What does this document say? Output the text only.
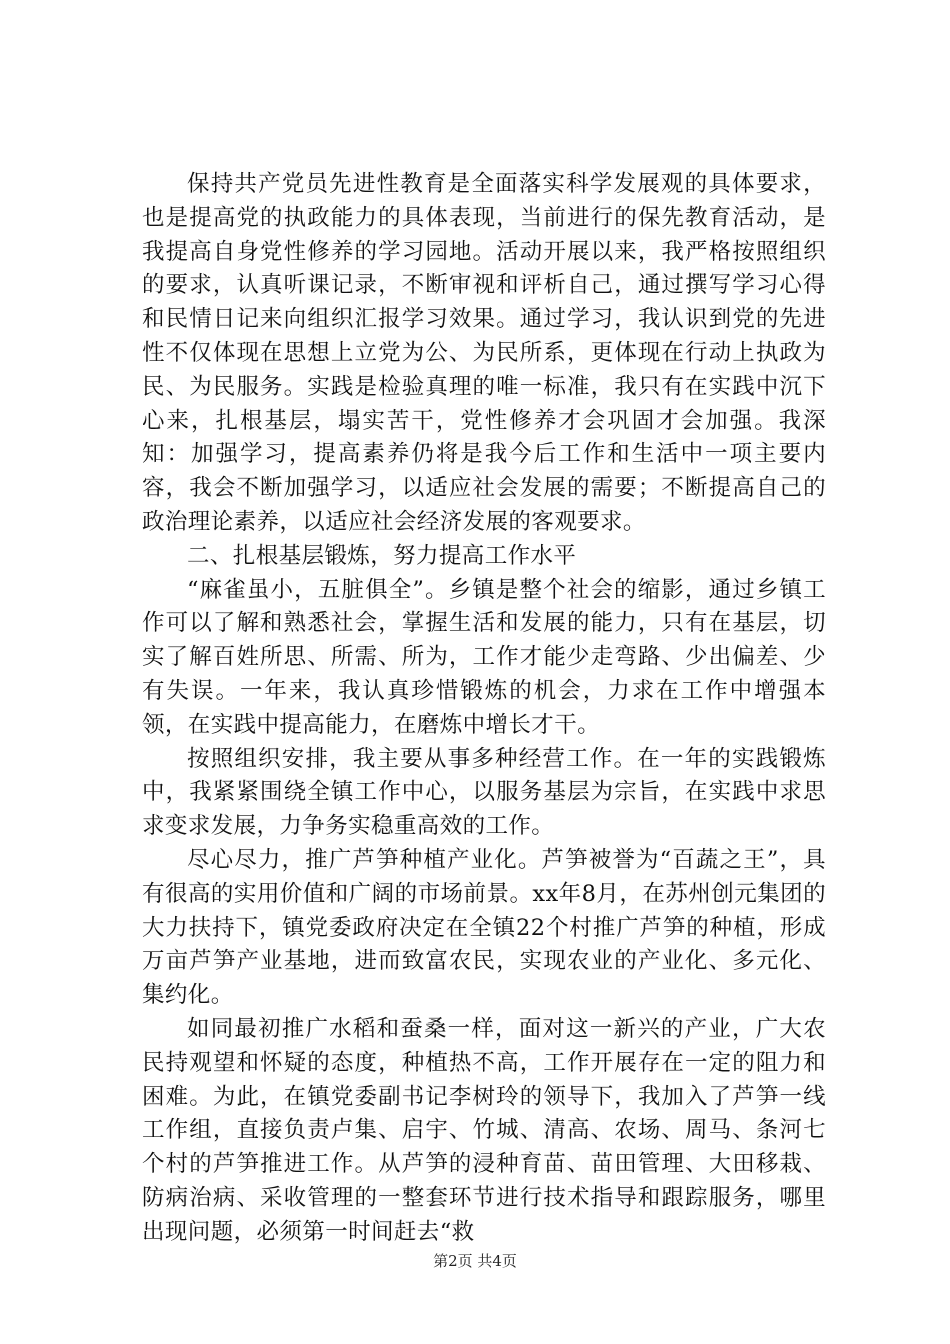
保持共产党员先进性教育是全面落实科学发展观的具体要求，也是提高党的执政能力的具体表现，当前进行的保先教育活动，是我提高自身党性修养的学习园地。活动开展以来，我严格按照组织的要求，认真听课记录，不断审视和评析自己，通过撰写学习心得和民情日记来向组织汇报学习效果。通过学习，我认识到党的先进性不仅体现在思想上立党为公、为民所系，更体现在行动上执政为民、为民服务。实践是检验真理的唯一标准，我只有在实践中沉下心来，扎根基层，塌实苦干，党性修养才会巩固才会加强。我深知：加强学习，提高素养仍将是我今后工作和生活中一项主要内容，我会不断加强学习，以适应社会发展的需要；不断提高自己的政治理论素养，以适应社会经济发展的客观要求。

二、扎根基层锻炼，努力提高工作水平

“麻雀虽小，五脏俱全”。乡镇是整个社会的缩影，通过乡镇工作可以了解和熟悉社会，掌握生活和发展的能力，只有在基层，切实了解百姓所思、所需、所为，工作才能少走弯路、少出偏差、少有失误。一年来，我认真珍惜锻炼的机会，力求在工作中增强本领，在实践中提高能力，在磨炼中增长才干。

按照组织安排，我主要从事多种经营工作。在一年的实践锻炼中，我紧紧围绕全镇工作中心，以服务基层为宗旨，在实践中求思求变求发展，力争务实稳重高效的工作。

尽心尽力，推广芦笋种植产业化。芦笋被誉为“百蔬之王”，具有很高的实用价值和广阔的市场前景。xx年8月，在苏州创元集团的大力扶持下，镇党委政府决定在全镇22个村推广芦笋的种植，形成万亩芦笋产业基地，进而致富农民，实现农业的产业化、多元化、集约化。

如同最初推广水稻和蚕桑一样，面对这一新兴的产业，广大农民持观望和怀疑的态度，种植热不高，工作开展存在一定的阻力和困难。为此，在镇党委副书记李树玲的领导下，我加入了芦笋一线工作组，直接负责卢集、启宇、竹城、清高、农场、周马、条河七个村的芦笋推进工作。从芦笋的浸种育苗、苗田管理、大田移栽、防病治病、采收管理的一整套环节进行技术指导和跟踪服务，哪里出现问题，必须第一时间赶去“救

第2页 共4页
